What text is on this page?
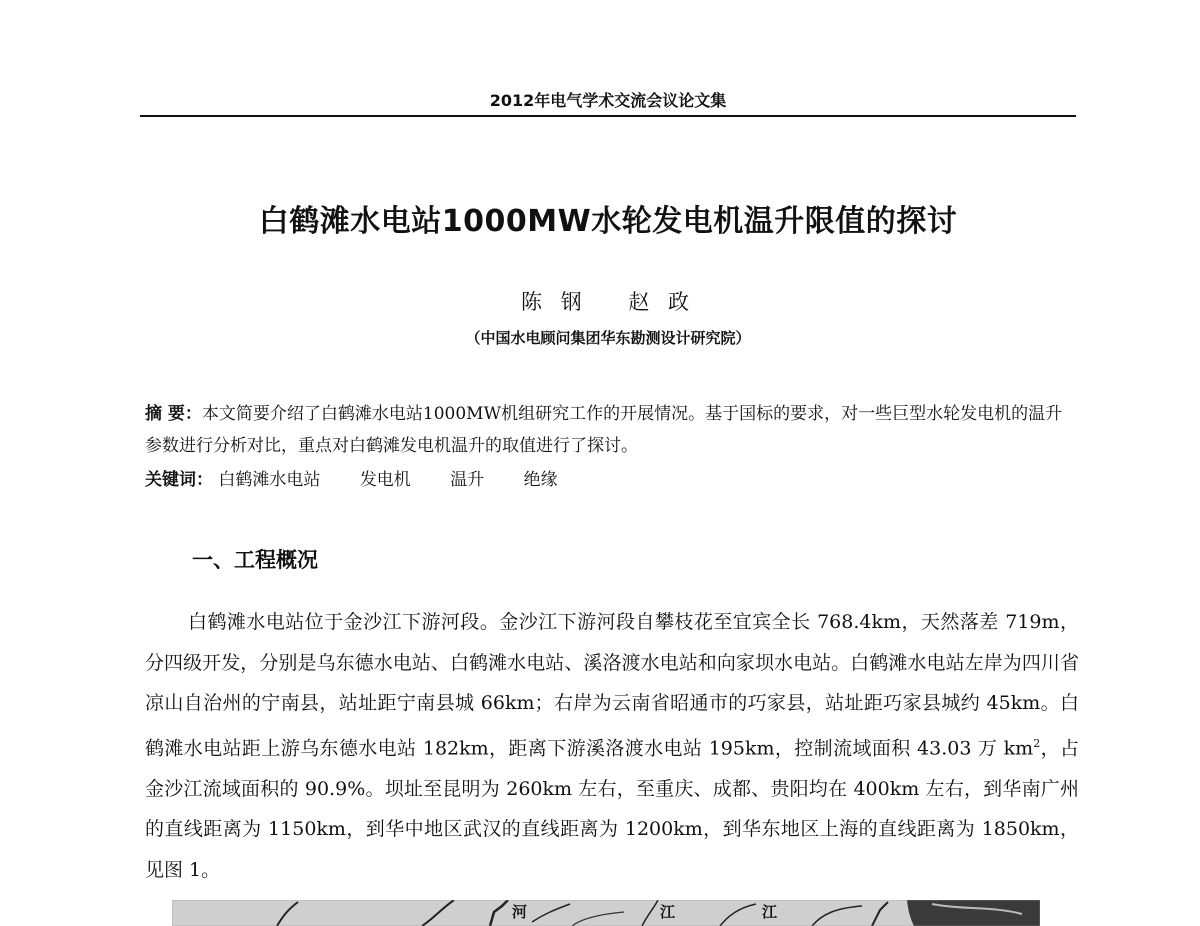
2012年电气学术交流会议论文集
白鹤滩水电站1000MW水轮发电机温升限值的探讨
陈 钢 赵 政
（中国水电顾问集团华东勘测设计研究院）
摘 要：本文简要介绍了白鹤滩水电站1000MW机组研究工作的开展情况。基于国标的要求，对一些巨型水轮发电机的温升参数进行分析对比，重点对白鹤滩发电机温升的取值进行了探讨。
关键词： 白鹤滩水电站 发电机 温升 绝缘
一、工程概况
白鹤滩水电站位于金沙江下游河段。金沙江下游河段自攀枝花至宜宾全长 768.4km，天然落差 719m，分四级开发，分别是乌东德水电站、白鹤滩水电站、溪洛渡水电站和向家坝水电站。白鹤滩水电站左岸为四川省凉山自治州的宁南县，站址距宁南县城 66km；右岸为云南省昭通市的巧家县，站址距巧家县城约 45km。白鹤滩水电站距上游乌东德水电站 182km，距离下游溪洛渡水电站 195km，控制流域面积 43.03 万 $km^2$，占金沙江流域面积的 90.9%。坝址至昆明为 260km 左右，至重庆、成都、贵阳均在 400km 左右，到华南广州的直线距离为 1150km，到华中地区武汉的直线距离为 1200km，到华东地区上海的直线距离为 1850km，见图 1。
河	江	江
